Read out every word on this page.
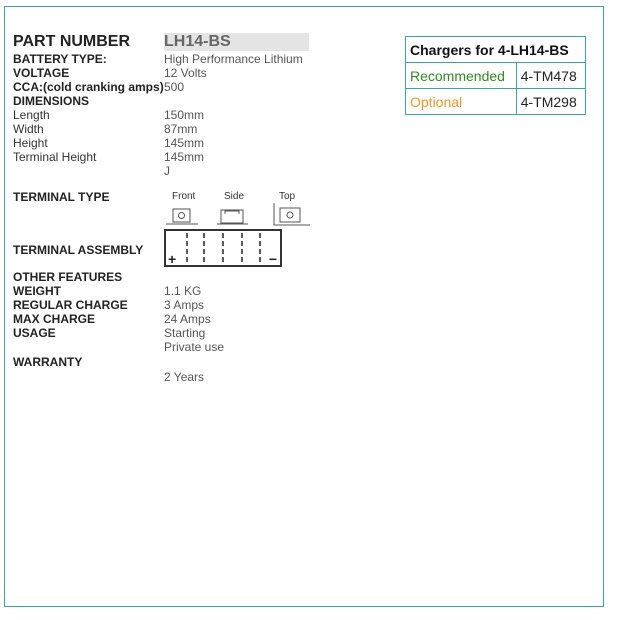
PART NUMBER LH14-BS
BATTERY TYPE:	High Performance Lithium
VOLTAGE	12 Volts
CCA:(cold cranking amps) 500
DIMENSIONS
Length	150mm
Width	87mm
Height	145mm
Terminal Height	145mm
J
TERMINAL TYPE
TERMINAL ASSEMBLY
OTHER FEATURES
WEIGHT	1.1 KG
REGULAR CHARGE	3 Amps
MAX CHARGE	24 Amps
USAGE	Starting
Private use
WARRANTY
2 Years
Front	Side	Top
+	−
Chargers for 4-LH14-BS	
Recommended	4-TM478
Optional	4-TM298
